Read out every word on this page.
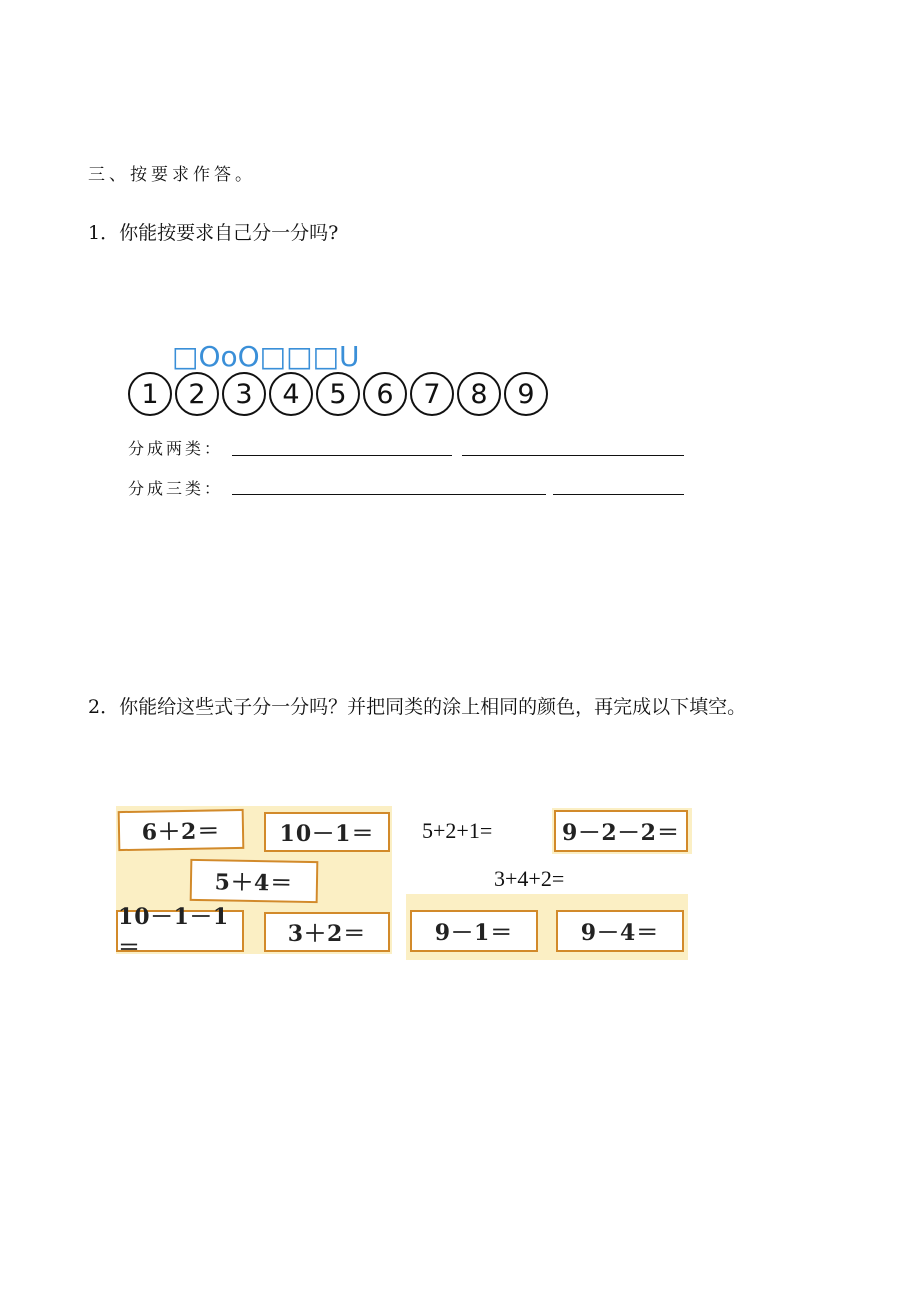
三、按要求作答。
1．你能按要求自己分一分吗?
□OoO□□□U
1	2	3	4	5	6	7	8	9
分成两类：
分成三类：
2．你能给这些式子分一分吗？并把同类的涂上相同的颜色，再完成以下填空。
6＋2＝	10－1＝
5＋4＝
10－1－1＝
3＋2＝
5+2+1=
3+4+2=
9－2－2＝
9－1＝	9－4＝
